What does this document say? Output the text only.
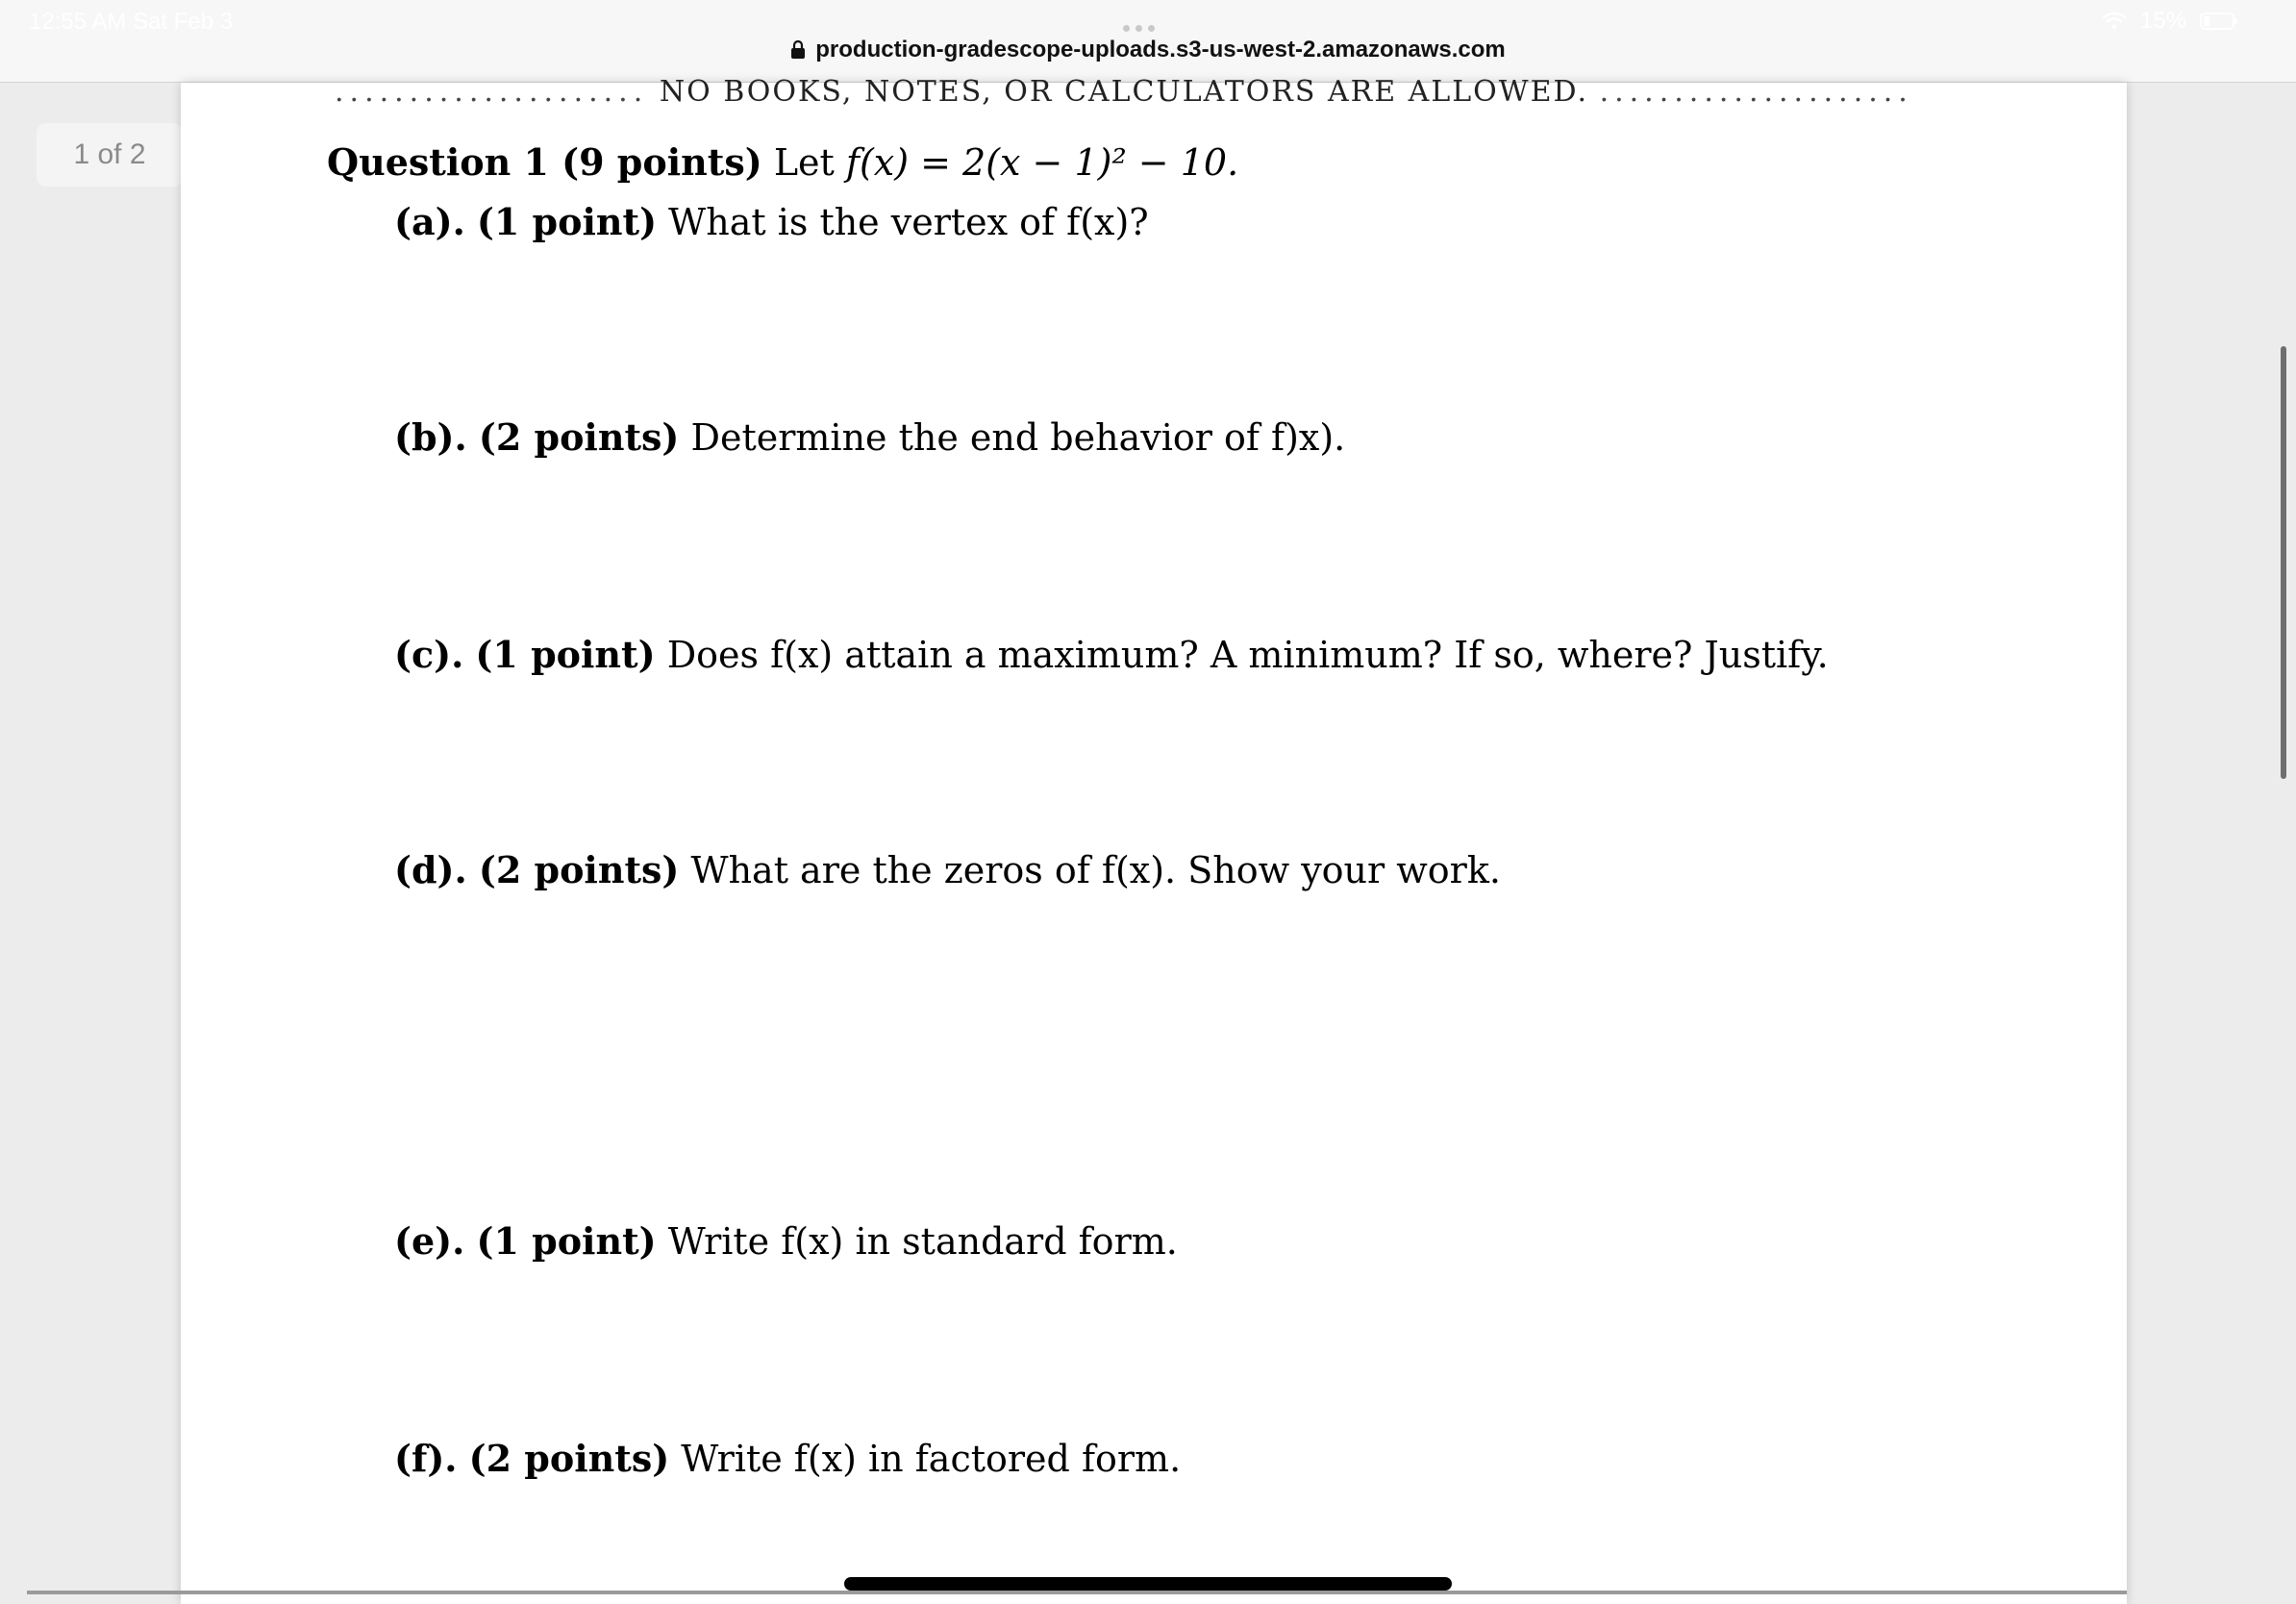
production-gradescope-uploads.s3-us-west-2.amazonaws.com
12:55 AM Sat Feb 3	15%
1 of 2
..................... NO BOOKS, NOTES, OR CALCULATORS ARE ALLOWED. .....................
Question 1 (9 points) Let f(x) = 2(x − 1)² − 10.
(a). (1 point) What is the vertex of f(x)?
(b). (2 points) Determine the end behavior of f)x).
(c). (1 point) Does f(x) attain a maximum? A minimum? If so, where? Justify.
(d). (2 points) What are the zeros of f(x). Show your work.
(e). (1 point) Write f(x) in standard form.
(f). (2 points) Write f(x) in factored form.
